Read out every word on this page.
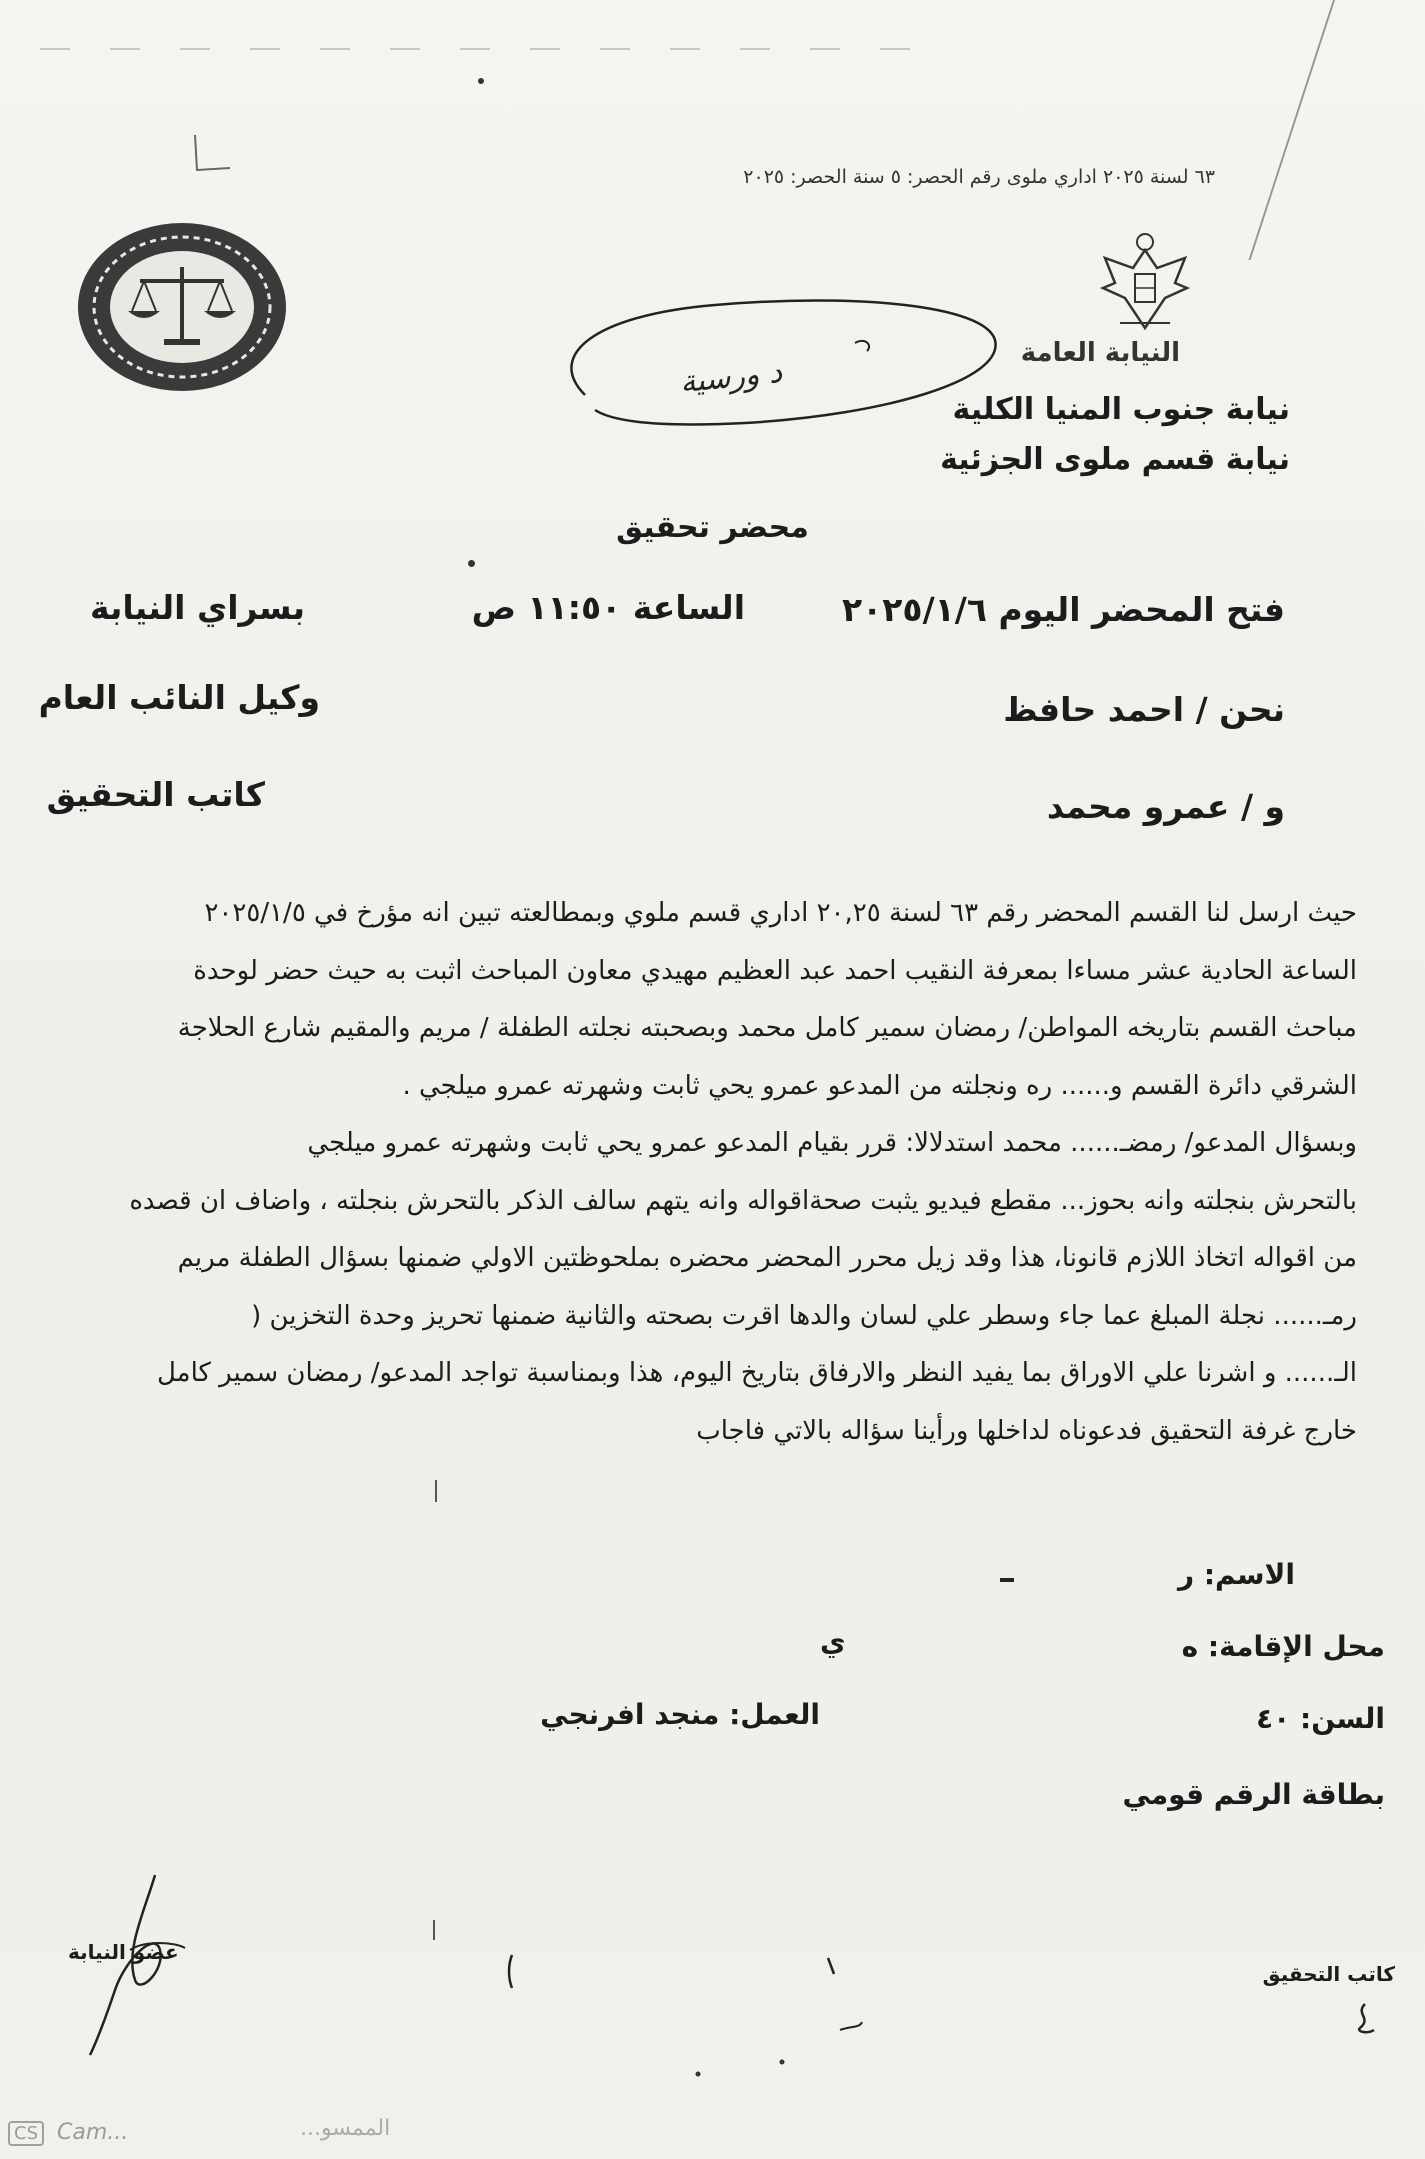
٦٣ لسنة ٢٠٢٥ اداري ملوى رقم الحصر: ٥ سنة الحصر: ٢٠٢٥
النيابة العامة
د ورسية
نيابة جنوب المنيا الكلية
نيابة قسم ملوى الجزئية
محضر تحقيق
فتح المحضر اليوم ٢٠٢٥/١/٦
الساعة ١١:٥٠ ص
بسراي النيابة
نحن / احمد حافظ
وكيل النائب العام
و / عمرو محمد
كاتب التحقيق

حيث ارسل لنا القسم المحضر رقم ٦٣ لسنة ٢٠,٢٥ اداري قسم ملوي وبمطالعته تبين انه مؤرخ في ٢٠٢٥/١/٥

الساعة الحادية عشر مساءا بمعرفة النقيب احمد عبد العظيم مهيدي معاون المباحث اثبت به حيث حضر لوحدة

مباحث القسم بتاريخه المواطن/ رمضان سمير كامل محمد وبصحبته نجلته الطفلة / مريم والمقيم شارع الحلاجة

الشرقي دائرة القسم و...... ره ونجلته من المدعو عمرو يحي ثابت وشهرته عمرو ميلجي .

وبسؤال المدعو/ رمضـ...... محمد استدلالا: قرر بقيام المدعو عمرو يحي ثابت وشهرته عمرو ميلجي

بالتحرش بنجلته وانه بحوز... مقطع فيديو يثبت صحةاقواله وانه يتهم سالف الذكر بالتحرش بنجلته ، واضاف ان قصده

من اقواله اتخاذ اللازم قانونا، هذا وقد زيل محرر المحضر محضره بملحوظتين الاولي ضمنها بسؤال الطفلة مريم

رمـ...... نجلة المبلغ عما جاء وسطر علي لسان والدها اقرت بصحته والثانية ضمنها تحريز وحدة التخزين (

الـ...... و اشرنا علي الاوراق بما يفيد النظر والارفاق بتاريخ اليوم، هذا وبمناسبة تواجد المدعو/ رمضان سمير كامل

خارج غرفة التحقيق فدعوناه لداخلها ورأينا سؤاله بالاتي فاجاب

الاسم: ر
محل الإقامة: ه
ي
السن: ٤٠
العمل: منجد افرنجي
بطاقة الرقم قومي
عضو النيابة
كاتب التحقيق
CS Cam...	الممسو...
